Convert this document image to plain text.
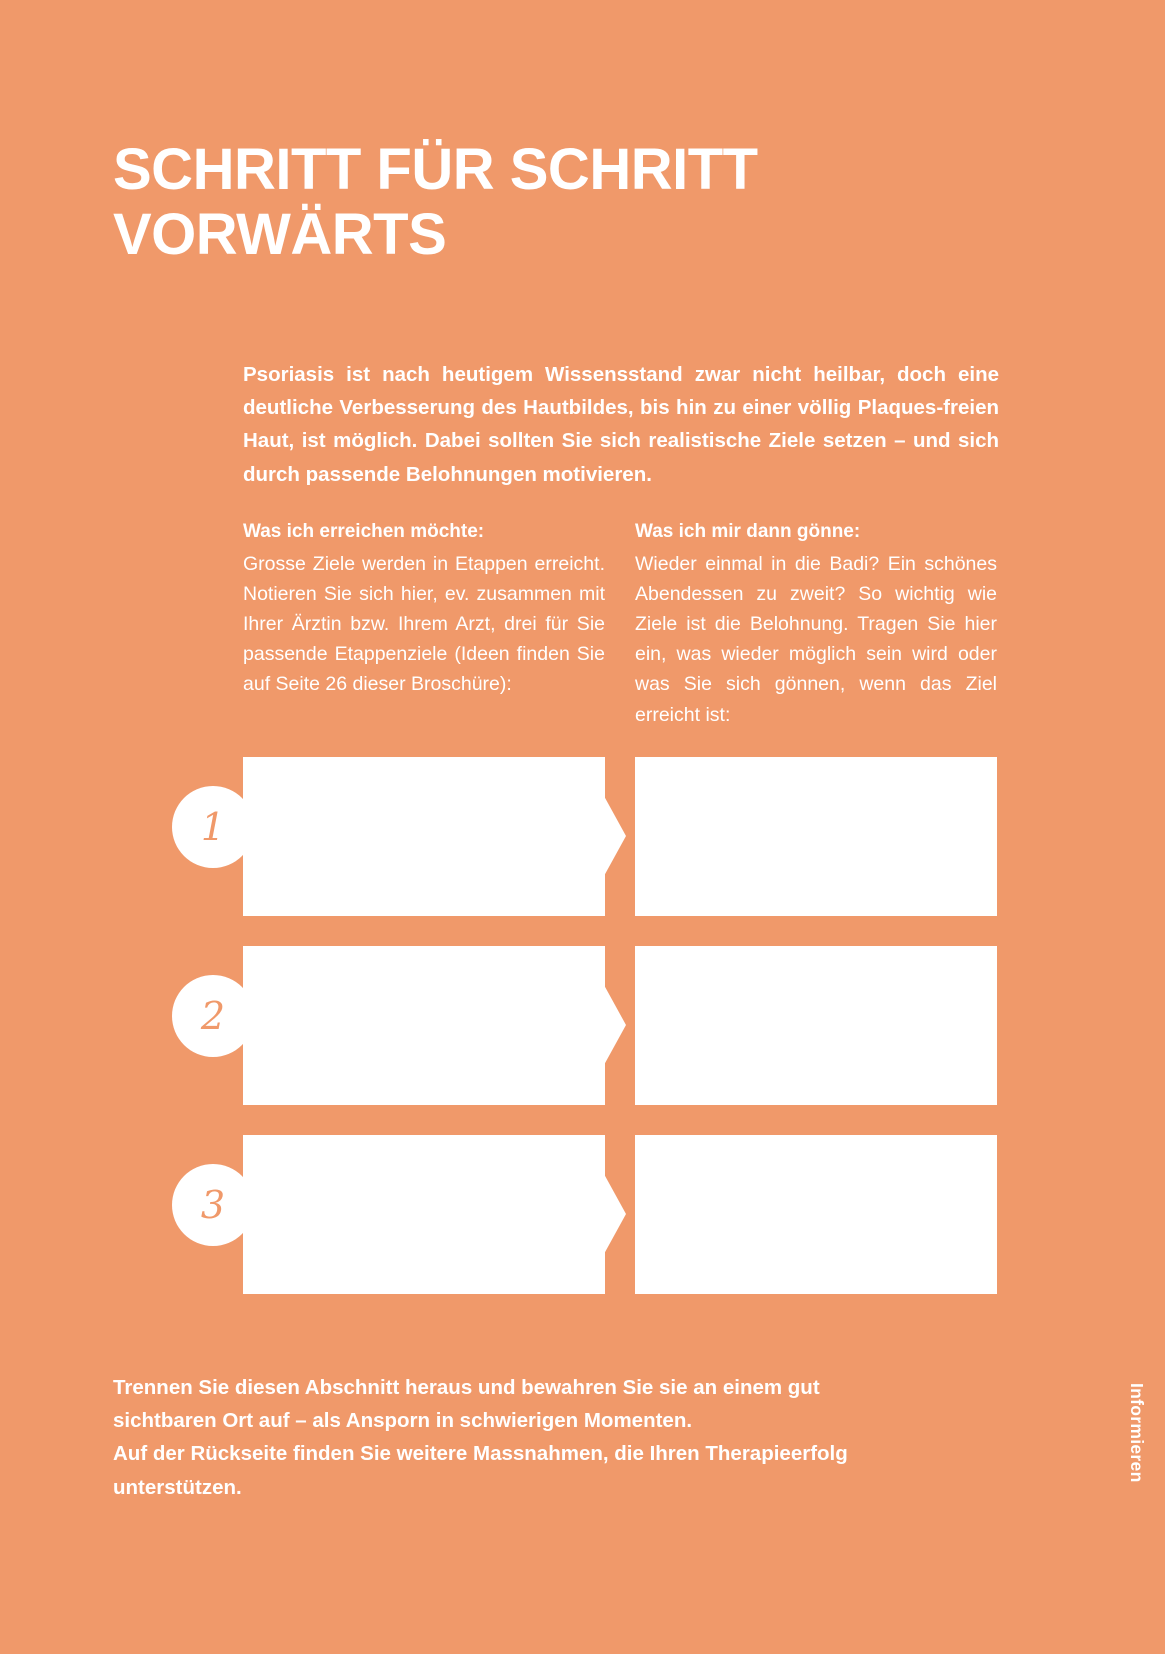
SCHRITT FÜR SCHRITT
VORWÄRTS
Psoriasis ist nach heutigem Wissensstand zwar nicht heilbar, doch eine deutliche Verbesserung des Hautbildes, bis hin zu einer völlig Plaques-freien Haut, ist möglich. Dabei sollten Sie sich realistische Ziele setzen – und sich durch passende Belohnungen motivieren.
Was ich erreichen möchte:
Grosse Ziele werden in Etappen erreicht. Notieren Sie sich hier, ev. zusammen mit Ihrer Ärztin bzw. Ihrem Arzt, drei für Sie passende Etappenziele (Ideen finden Sie auf Seite 26 dieser Broschüre):
Was ich mir dann gönne:
Wieder einmal in die Badi? Ein schönes Abendessen zu zweit? So wichtig wie Ziele ist die Belohnung. Tragen Sie hier ein, was wieder möglich sein wird oder was Sie sich gönnen, wenn das Ziel erreicht ist:
1
2
3

Trennen Sie diesen Abschnitt heraus und bewahren Sie sie an einem gut

sichtbaren Ort auf – als Ansporn in schwierigen Momenten.

Auf der Rückseite finden Sie weitere Massnahmen, die Ihren Therapieerfolg

unterstützen.

Informieren
